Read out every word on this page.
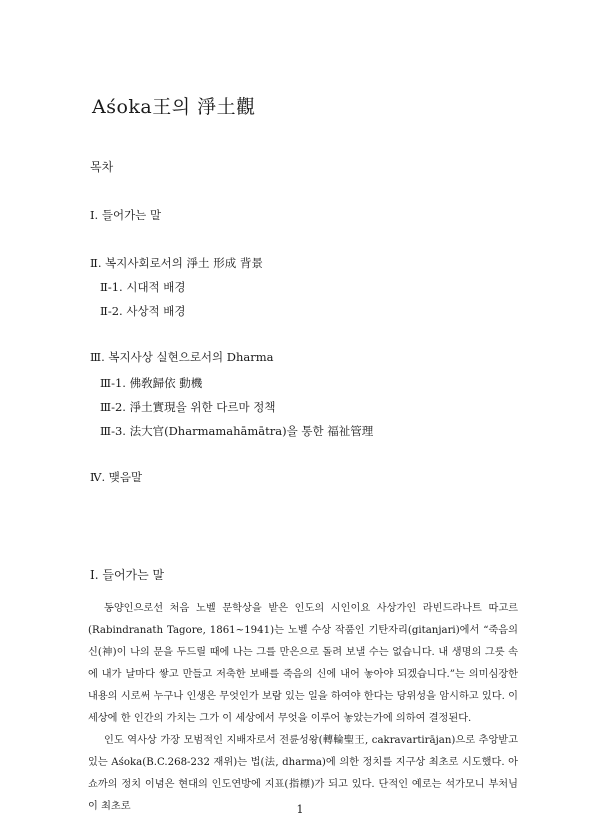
Aśoka王의 淨土觀
목차
Ⅰ. 들어가는 말
Ⅱ. 복지사회로서의 淨土 形成 背景
Ⅱ-1. 시대적 배경
Ⅱ-2. 사상적 배경
Ⅲ. 복지사상 실현으로서의 Dharma
Ⅲ-1. 佛敎歸依 動機
Ⅲ-2. 淨土實現을 위한 다르마 정책
Ⅲ-3. 法大官(Dharmamahāmātra)을 통한 福祉管理
Ⅳ. 맺음말
Ⅰ. 들어가는 말

동양인으로선 처음 노벨 문학상을 받은 인도의 시인이요 사상가인 라빈드라나트 따고르(Rabindranath Tagore, 1861~1941)는 노벨 수상 작품인 기탄자리(gitanjari)에서 “죽음의 신(神)이 나의 문을 두드릴 때에 나는 그를 만은으로 돌려 보낼 수는 없습니다. 내 생명의 그릇 속에 내가 날마다 쌓고 만들고 저축한 보배를 죽음의 신에 내어 놓아야 되겠습니다.”는 의미심장한 내용의 시로써 누구나 인생은 무엇인가 보람 있는 일을 하여야 한다는 당위성을 암시하고 있다. 이 세상에 한 인간의 가치는 그가 이 세상에서 무엇을 이루어 놓았는가에 의하여 결정된다.

인도 역사상 가장 모범적인 지배자로서 전륜성왕(轉輪聖王, cakravartirājan)으로 추앙받고 있는 Aśoka(B.C.268-232 재위)는 법(法, dharma)에 의한 정치를 지구상 최초로 시도했다. 아쇼까의 정치 이념은 현대의 인도연방에 지표(指標)가 되고 있다. 단적인 예로는 석가모니 부처님이 최초로	1
